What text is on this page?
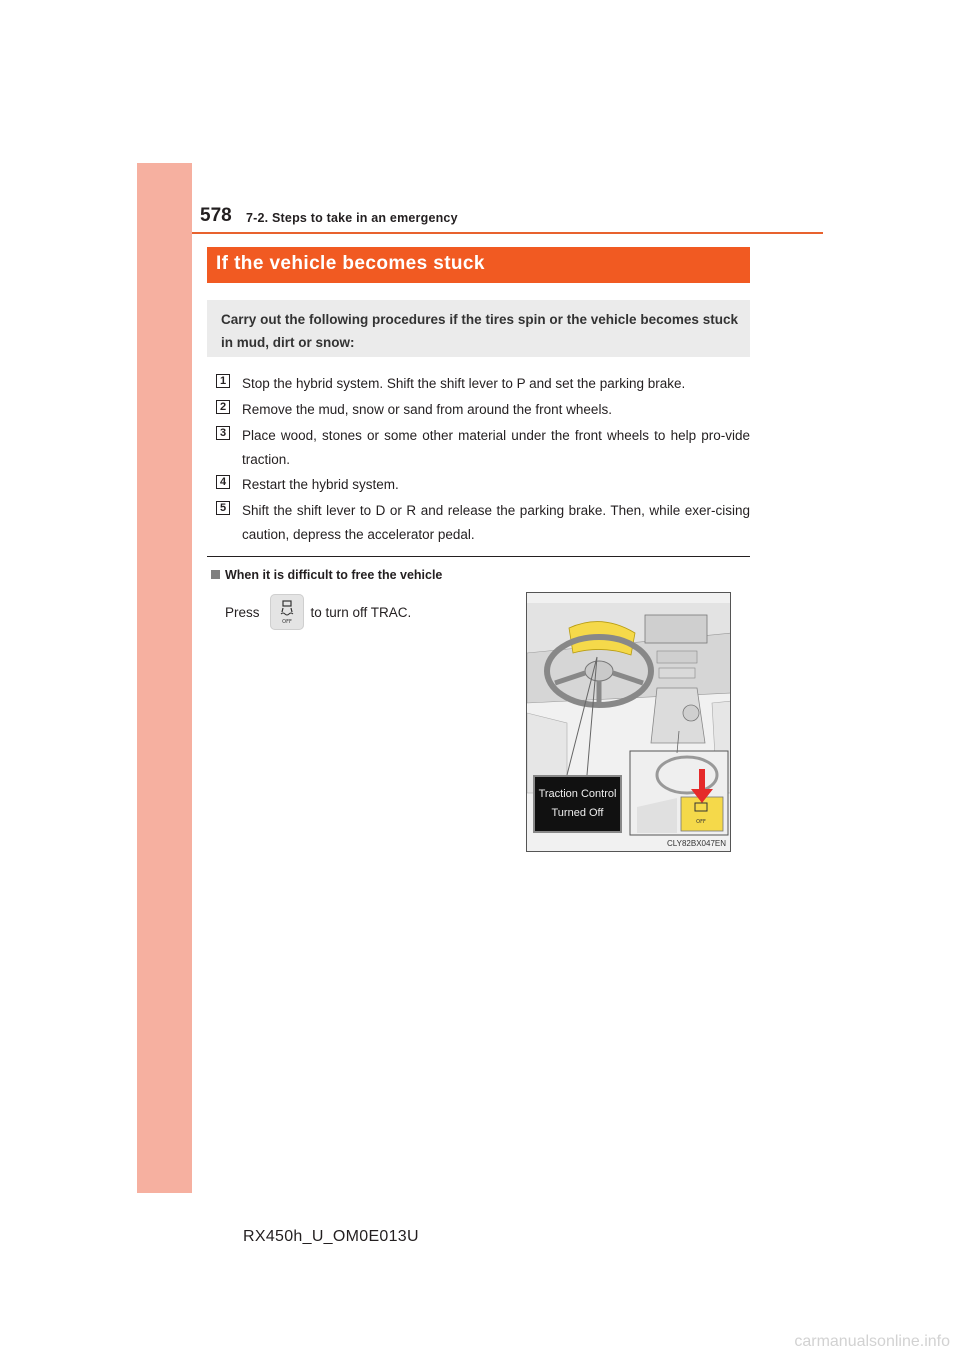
578 7-2. Steps to take in an emergency
If the vehicle becomes stuck
Carry out the following procedures if the tires spin or the vehicle becomes stuck in mud, dirt or snow:
1 Stop the hybrid system. Shift the shift lever to P and set the parking brake.
2 Remove the mud, snow or sand from around the front wheels.
3 Place wood, stones or some other material under the front wheels to help pro-vide traction.
4 Restart the hybrid system.
5 Shift the shift lever to D or R and release the parking brake. Then, while exer-cising caution, depress the accelerator pedal.
When it is difficult to free the vehicle
Press
OFF
to turn off TRAC.
OFF
Traction Control
Turned Off
CLY82BX047EN
RX450h_U_OM0E013U
carmanualsonline.info
